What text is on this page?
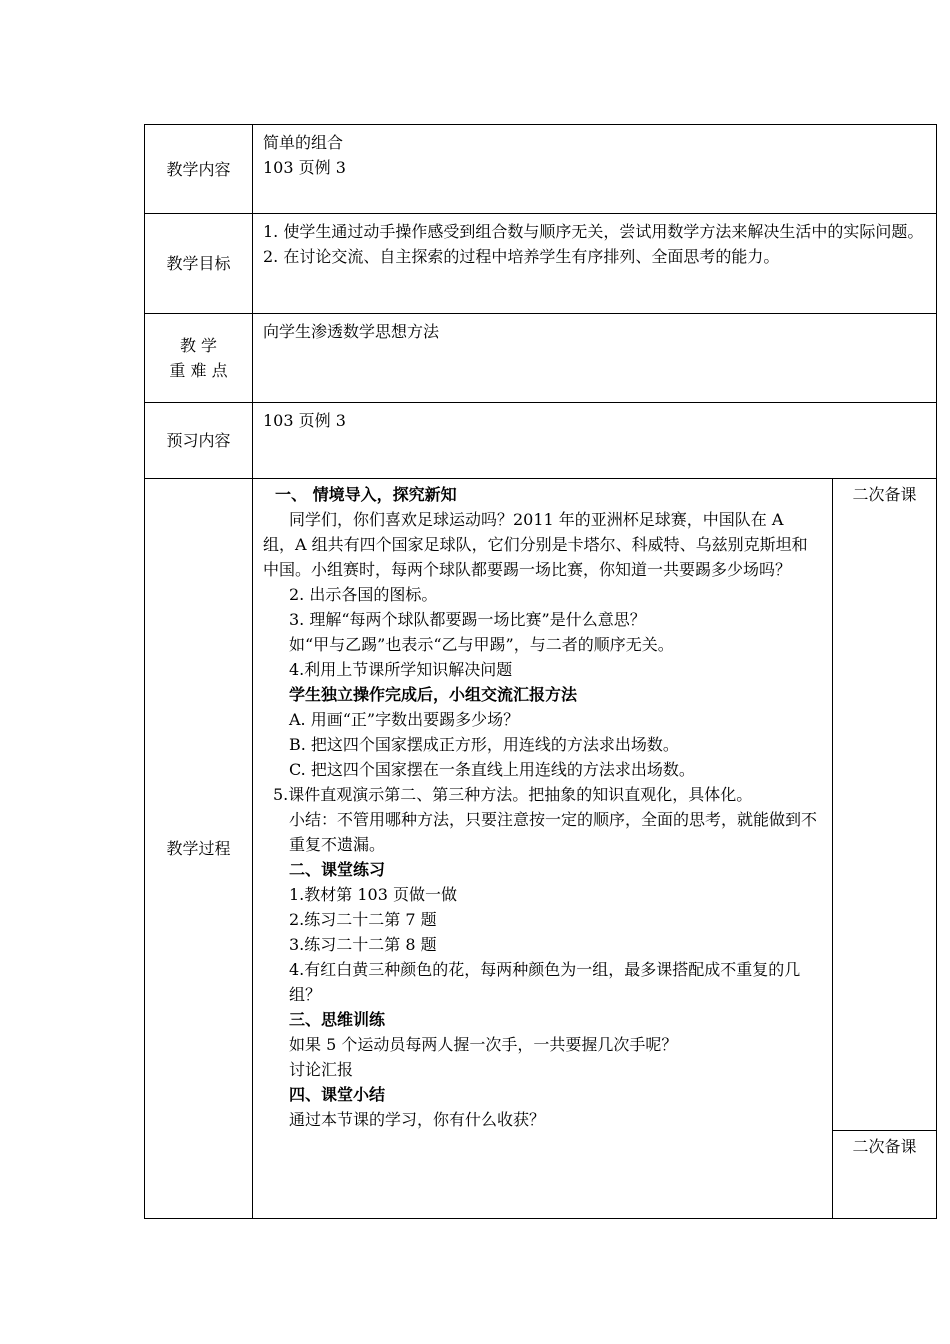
教学内容

简单的组合

103 页例 3

教学目标

1. 使学生通过动手操作感受到组合数与顺序无关，尝试用数学方法来解决生活中的实际问题。

2. 在讨论交流、自主探索的过程中培养学生有序排列、全面思考的能力。

教 学
重 难 点

向学生渗透数学思想方法

预习内容

103 页例 3

教学过程

一、 情境导入，探究新知

同学们，你们喜欢足球运动吗？2011 年的亚洲杯足球赛，中国队在 A 组，A 组共有四个国家足球队，它们分别是卡塔尔、科威特、乌兹别克斯坦和中国。小组赛时，每两个球队都要踢一场比赛，你知道一共要踢多少场吗？

2. 出示各国的图标。

3. 理解“每两个球队都要踢一场比赛”是什么意思？

如“甲与乙踢”也表示“乙与甲踢”，与二者的顺序无关。

4.利用上节课所学知识解决问题

学生独立操作完成后，小组交流汇报方法

A. 用画“正”字数出要踢多少场？

B. 把这四个国家摆成正方形，用连线的方法求出场数。

C. 把这四个国家摆在一条直线上用连线的方法求出场数。

5.课件直观演示第二、第三种方法。把抽象的知识直观化，具体化。

小结：不管用哪种方法，只要注意按一定的顺序，全面的思考，就能做到不重复不遗漏。

二、课堂练习

1.教材第 103 页做一做

2.练习二十二第 7 题

3.练习二十二第 8 题

4.有红白黄三种颜色的花，每两种颜色为一组，最多课搭配成不重复的几组？

三、思维训练

如果 5 个运动员每两人握一次手，一共要握几次手呢？

讨论汇报

四、课堂小结

通过本节课的学习，你有什么收获？

二次备课
二次备课
